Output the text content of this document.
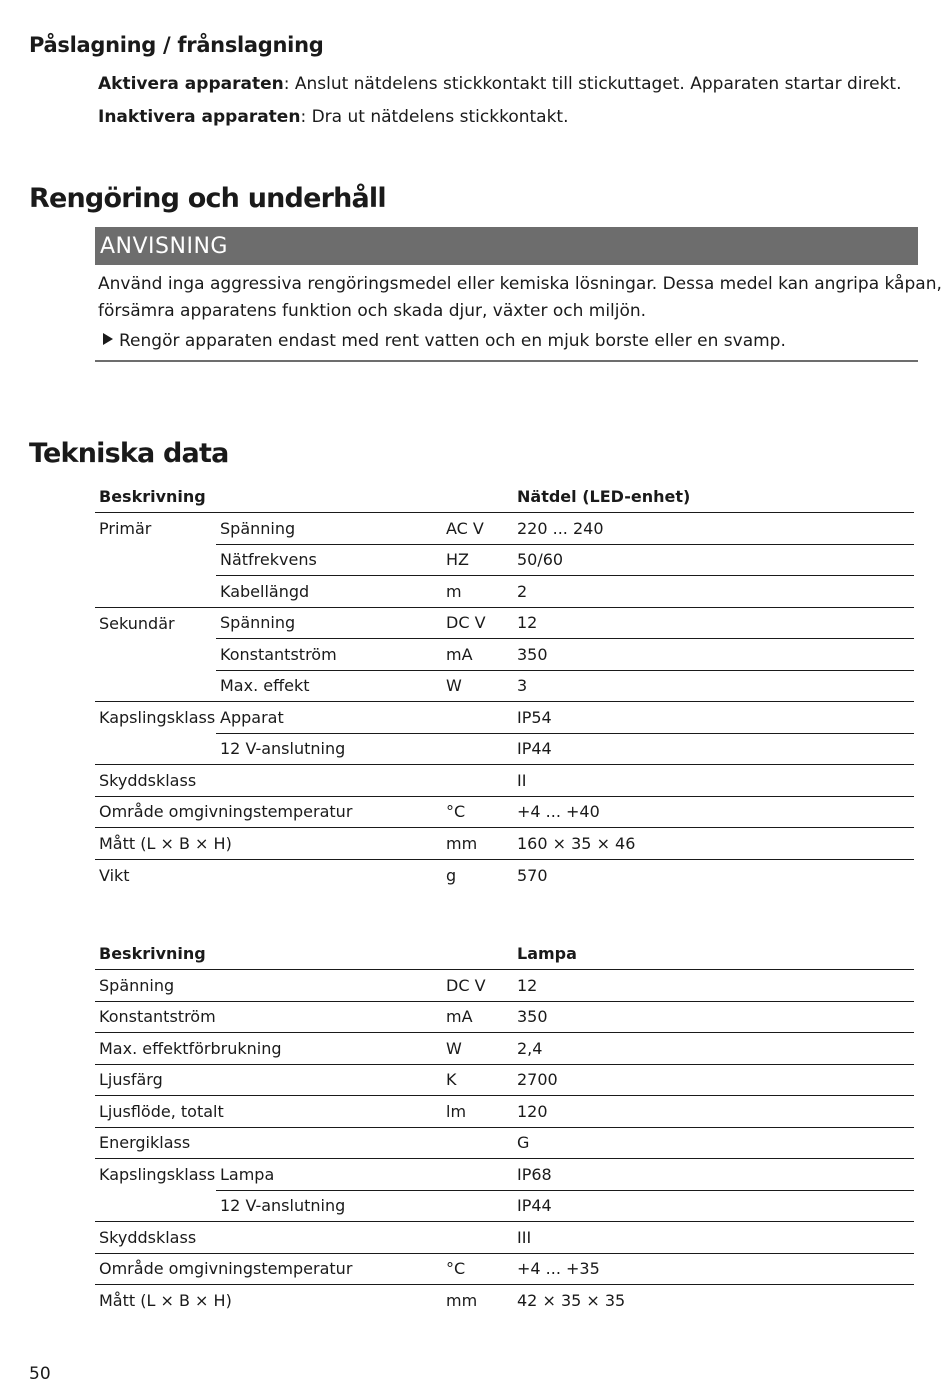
Påslagning / frånslagning
Aktivera apparaten: Anslut nätdelens stickkontakt till stickuttaget. Apparaten startar direkt.
Inaktivera apparaten: Dra ut nätdelens stickkontakt.
Rengöring och underhåll
ANVISNING
Använd inga aggressiva rengöringsmedel eller kemiska lösningar. Dessa medel kan angripa kåpan,
försämra apparatens funktion och skada djur, växter och miljön.
Rengör apparaten endast med rent vatten och en mjuk borste eller en svamp.
Tekniska data
Beskrivning			Nätdel (LED-enhet)
Primär	Spänning	AC V	220 ... 240
	Nätfrekvens	HZ	50/60
	Kabellängd	m	2
Sekundär	Spänning	DC V	12
	Konstantström	mA	350
	Max. effekt	W	3
Kapslingsklass	Apparat		IP54
	12 V-anslutning		IP44
Skyddsklass			II
Område omgivningstemperatur		°C	+4 ... +40
Mått (L × B × H)		mm	160 × 35 × 46
Vikt		g	570
Beskrivning			Lampa
Spänning		DC V	12
Konstantström		mA	350
Max. effektförbrukning		W	2,4
Ljusfärg		K	2700
Ljusflöde, totalt		lm	120
Energiklass			G
Kapslingsklass	Lampa		IP68
	12 V-anslutning		IP44
Skyddsklass			III
Område omgivningstemperatur		°C	+4 ... +35
Mått (L × B × H)		mm	42 × 35 × 35
50
